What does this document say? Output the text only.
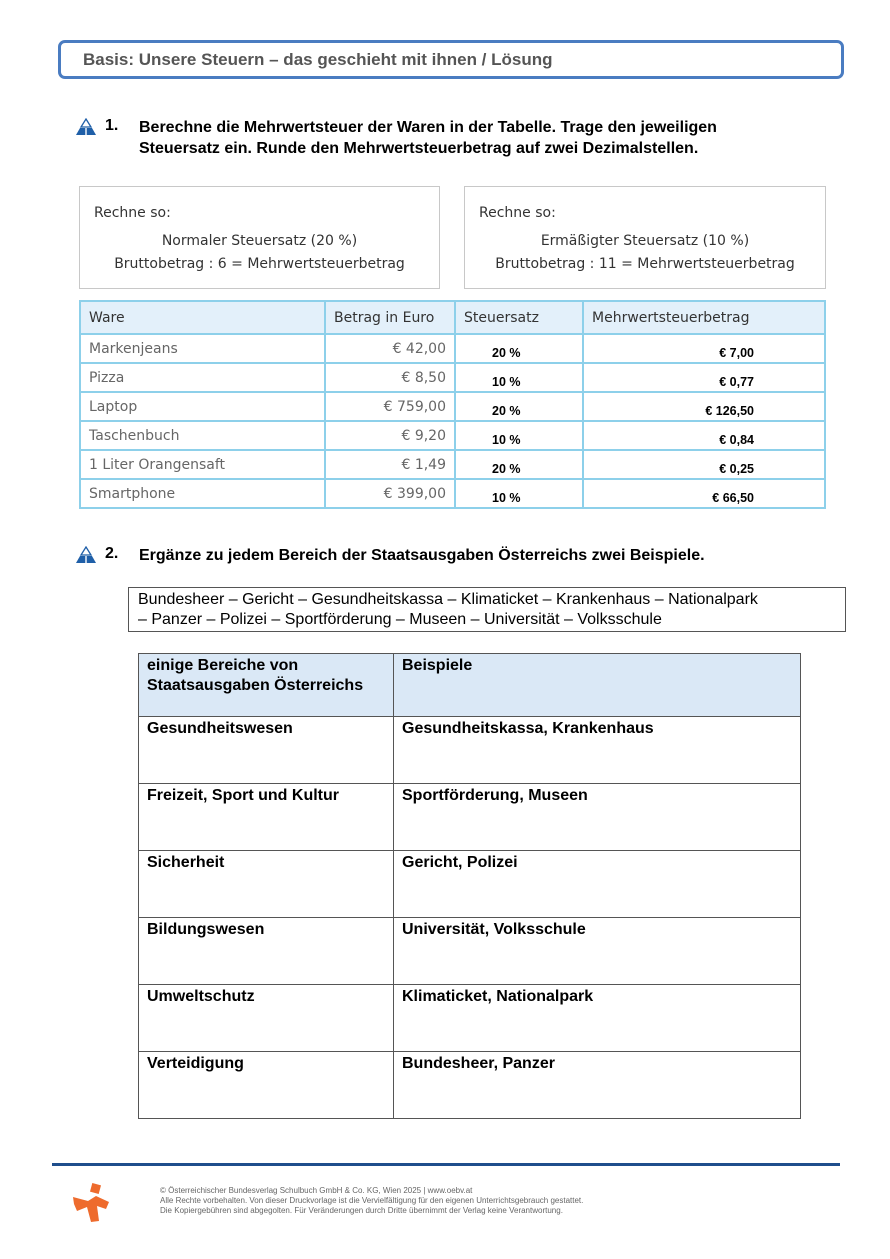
Basis: Unsere Steuern – das geschieht mit ihnen / Lösung
1.	Berechne die Mehrwertsteuer der Waren in der Tabelle. Trage den jeweiligen Steuersatz ein. Runde den Mehrwertsteuerbetrag auf zwei Dezimalstellen.
Rechne so:
Normaler Steuersatz (20 %)
Bruttobetrag : 6 = Mehrwertsteuerbetrag
Rechne so:
Ermäßigter Steuersatz (10 %)
Bruttobetrag : 11 = Mehrwertsteuerbetrag
Ware	Betrag in Euro	Steuersatz	Mehrwertsteuerbetrag
Markenjeans	€ 42,00	20 %	€ 7,00
Pizza	€ 8,50	10 %	€ 0,77
Laptop	€ 759,00	20 %	€ 126,50
Taschenbuch	€ 9,20	10 %	€ 0,84
1 Liter Orangensaft	€ 1,49	20 %	€ 0,25
Smartphone	€ 399,00	10 %	€ 66,50
2.	Ergänze zu jedem Bereich der Staatsausgaben Österreichs zwei Beispiele.
Bundesheer – Gericht – Gesundheitskassa – Klimaticket – Krankenhaus – Nationalpark
– Panzer – Polizei – Sportförderung – Museen – Universität – Volksschule
einige Bereiche von Staatsausgaben Österreichs	Beispiele
Gesundheitswesen	Gesundheitskassa, Krankenhaus
Freizeit, Sport und Kultur	Sportförderung, Museen
Sicherheit	Gericht, Polizei
Bildungswesen	Universität, Volksschule
Umweltschutz	Klimaticket, Nationalpark
Verteidigung	Bundesheer, Panzer
© Österreichischer Bundesverlag Schulbuch GmbH & Co. KG, Wien 2025 | www.oebv.at
Alle Rechte vorbehalten. Von dieser Druckvorlage ist die Vervielfältigung für den eigenen Unterrichtsgebrauch gestattet.
Die Kopiergebühren sind abgegolten. Für Veränderungen durch Dritte übernimmt der Verlag keine Verantwortung.
